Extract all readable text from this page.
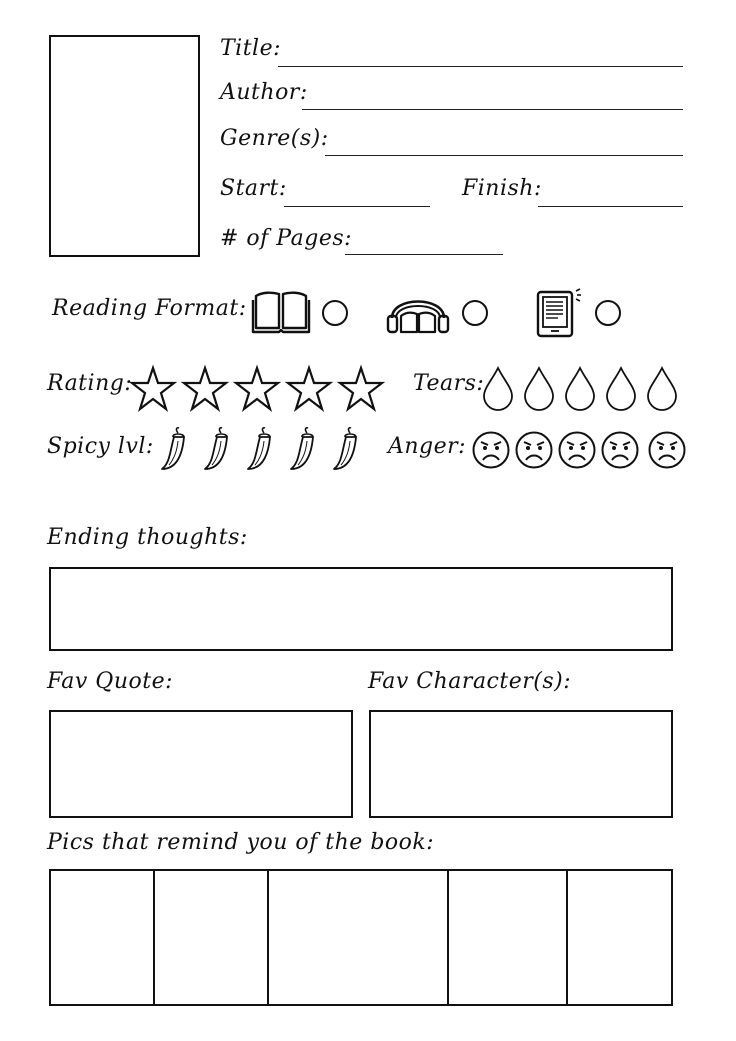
Title:
Author:
Genre(s):
Start:	Finish:
# of Pages:
Reading Format:
Rating:	Tears:
Spicy lvl:	Anger:
Ending thoughts:
Fav Quote:	Fav Character(s):
Pics that remind you of the book:
